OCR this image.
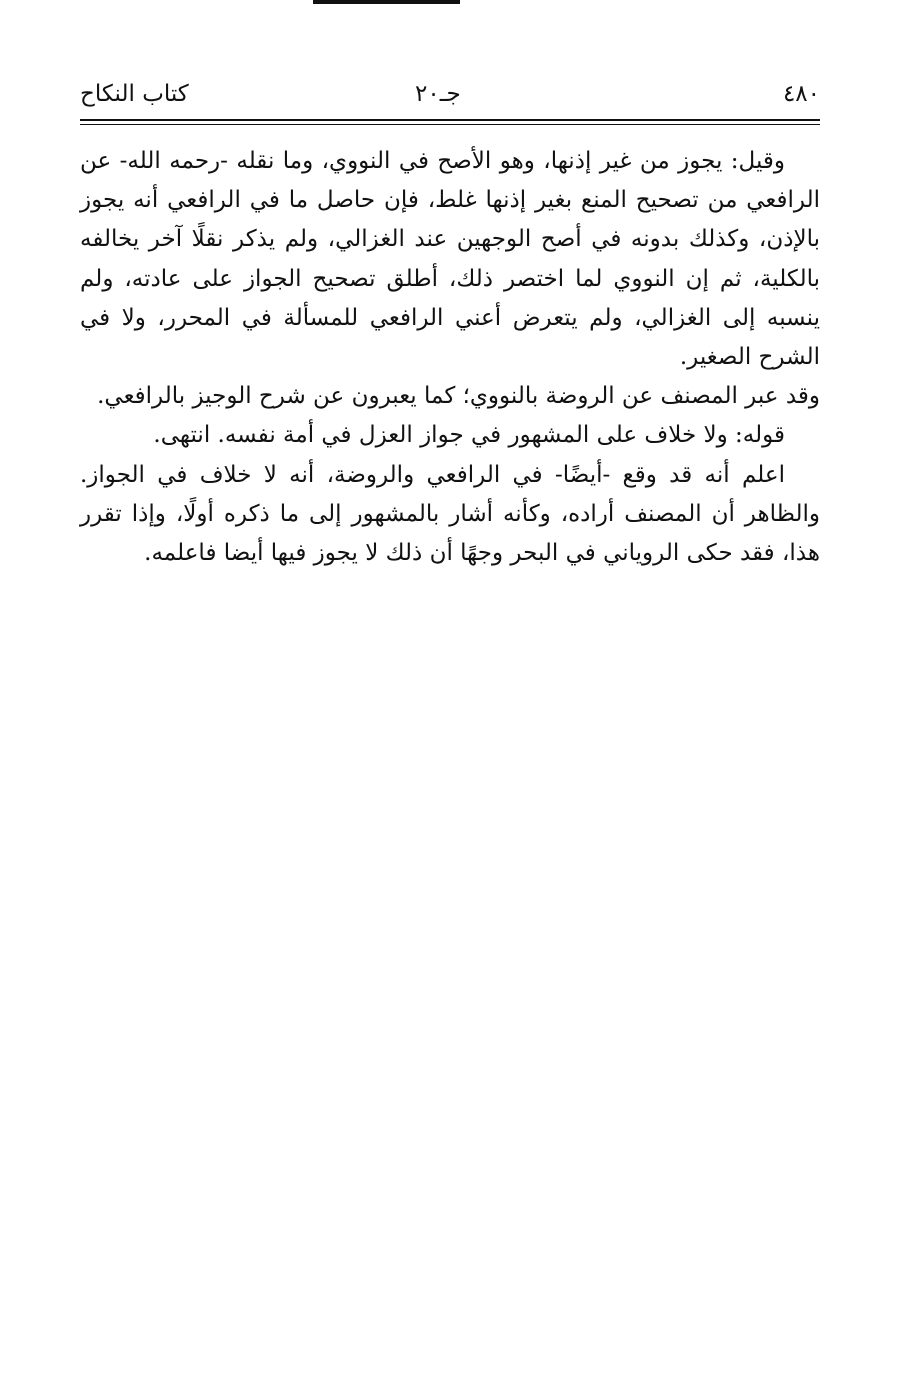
٤٨٠
جـ٢٠
كتاب النكاح

وقيل: يجوز من غير إذنها، وهو الأصح في النووي، وما نقله -رحمه الله- عن الرافعي من تصحيح المنع بغير إذنها غلط، فإن حاصل ما في الرافعي أنه يجوز بالإذن، وكذلك بدونه في أصح الوجهين عند الغزالي، ولم يذكر نقلًا آخر يخالفه بالكلية، ثم إن النووي لما اختصر ذلك، أطلق تصحيح الجواز على عادته، ولم ينسبه إلى الغزالي، ولم يتعرض أعني الرافعي للمسألة في المحرر، ولا في الشرح الصغير.

وقد عبر المصنف عن الروضة بالنووي؛ كما يعبرون عن شرح الوجيز بالرافعي.

قوله: ولا خلاف على المشهور في جواز العزل في أمة نفسه. انتهى.

اعلم أنه قد وقع -أيضًا- في الرافعي والروضة، أنه لا خلاف في الجواز. والظاهر أن المصنف أراده، وكأنه أشار بالمشهور إلى ما ذكره أولًا، وإذا تقرر هذا، فقد حكى الروياني في البحر وجهًا أن ذلك لا يجوز فيها أيضا فاعلمه.
